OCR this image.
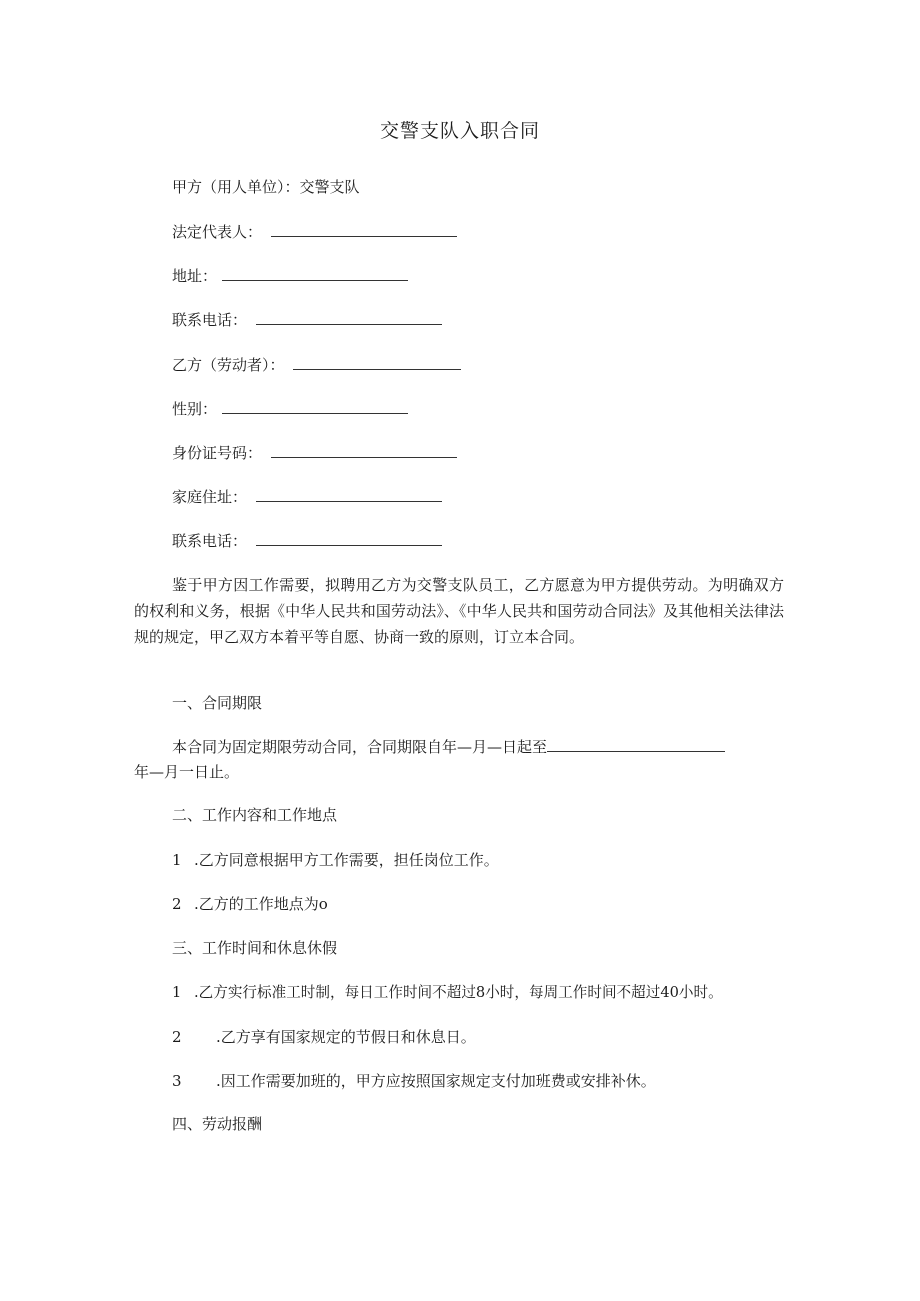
交警支队入职合同
甲方（用人单位）：交警支队
法定代表人：
地址：
联系电话：
乙方（劳动者）：
性别：
身份证号码：
家庭住址：
联系电话：
鉴于甲方因工作需要，拟聘用乙方为交警支队员工，乙方愿意为甲方提供劳动。为明确双方的权利和义务，根据《中华人民共和国劳动法》、《中华人民共和国劳动合同法》及其他相关法律法规的规定，甲乙双方本着平等自愿、协商一致的原则，订立本合同。
一、合同期限
本合同为固定期限劳动合同，合同期限自年—月—日起至
年—月一日止。
二、工作内容和工作地点
1 .乙方同意根据甲方工作需要，担任岗位工作。
2 .乙方的工作地点为o
三、工作时间和休息休假
1 .乙方实行标准工时制，每日工作时间不超过8小时，每周工作时间不超过40小时。
2 .乙方享有国家规定的节假日和休息日。
3 .因工作需要加班的，甲方应按照国家规定支付加班费或安排补休。
四、劳动报酬
